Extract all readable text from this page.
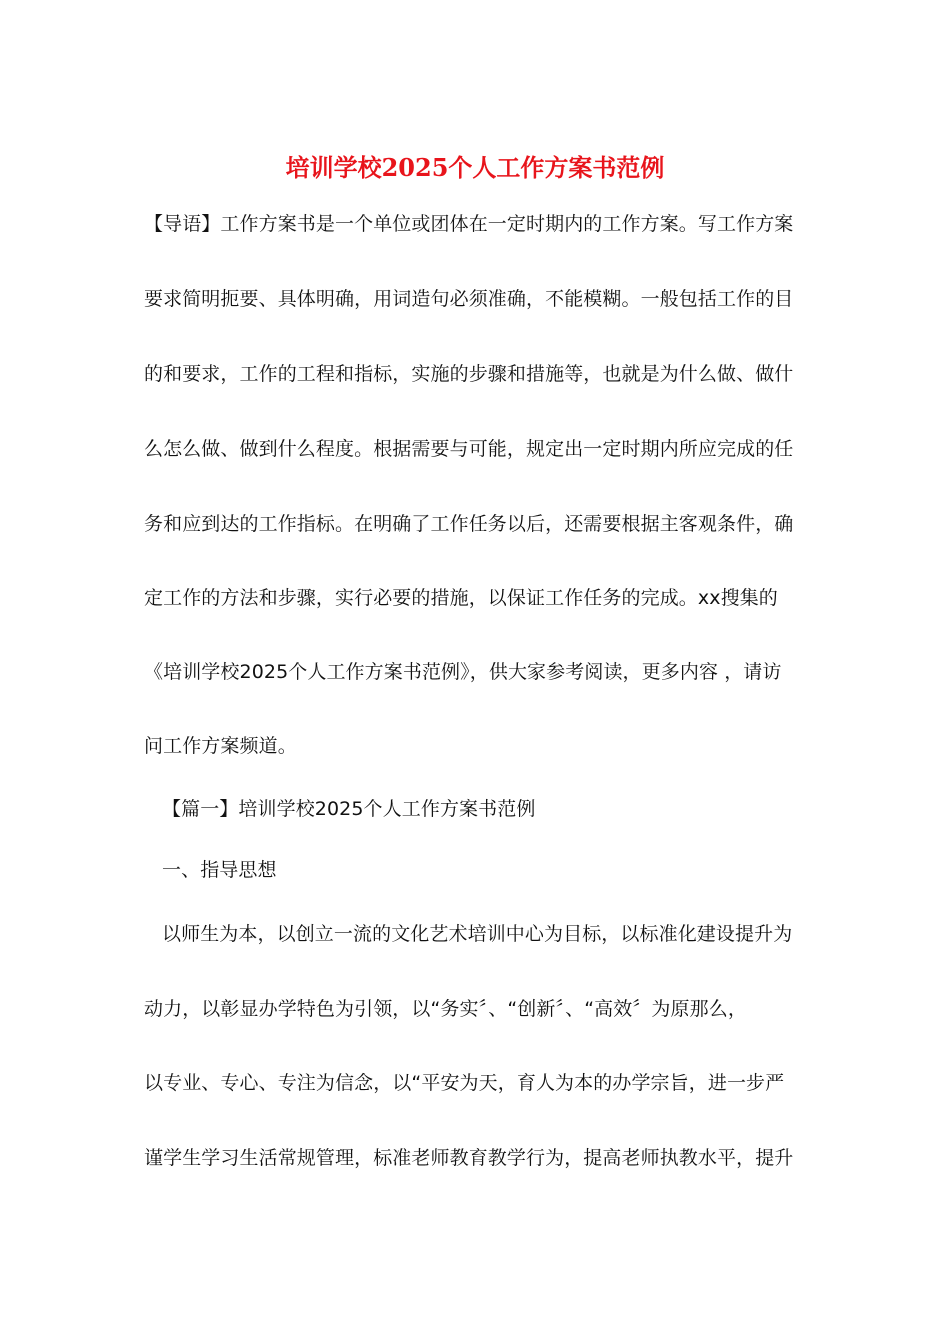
培训学校2025个人工作方案书范例
【导语】工作方案书是一个单位或团体在一定时期内的工作方案。写工作方案
要求简明扼要、具体明确，用词造句必须准确，不能模糊。一般包括工作的目
的和要求，工作的工程和指标，实施的步骤和措施等，也就是为什么做、做什
么怎么做、做到什么程度。根据需要与可能，规定出一定时期内所应完成的任
务和应到达的工作指标。在明确了工作任务以后，还需要根据主客观条件，确
定工作的方法和步骤，实行必要的措施，以保证工作任务的完成。xx搜集的
《培训学校2025个人工作方案书范例》，供大家参考阅读，更多内容 ，请访
问工作方案频道。
【篇一】培训学校2025个人工作方案书范例
一、指导思想
以师生为本，以创立一流的文化艺术培训中心为目标，以标准化建设提升为
动力，以彰显办学特色为引领，以“务实〞、“创新〞、“高效〞为原那么，
以专业、专心、专注为信念，以“平安为天，育人为本的办学宗旨，进一步严
谨学生学习生活常规管理，标准老师教育教学行为，提高老师执教水平，提升
